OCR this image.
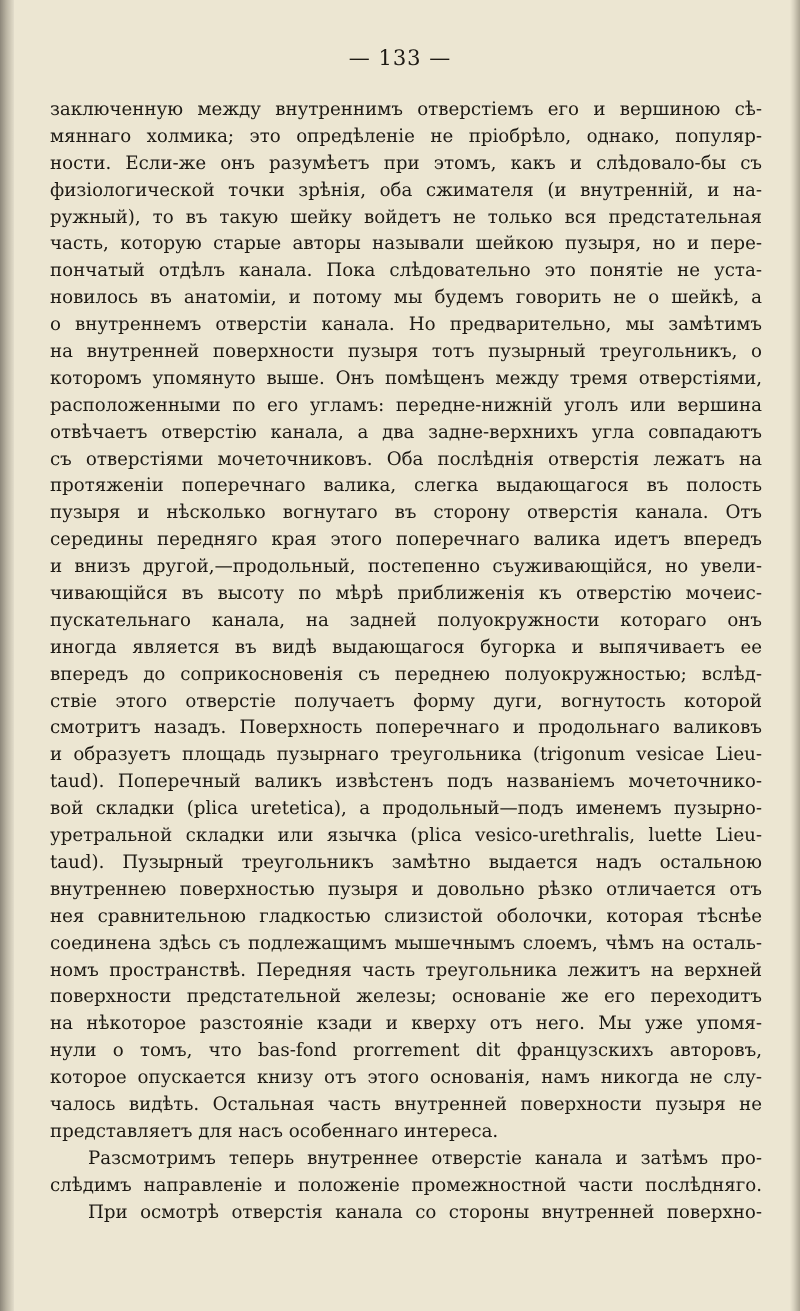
— 133 —
заключенную между внутреннимъ отверстіемъ его и вершиною сѣ-
мяннаго холмика; это опредѣленіе не пріобрѣло, однако, популяр-
ности. Если-же онъ разумѣетъ при этомъ, какъ и слѣдовало-бы съ
физіологической точки зрѣнія, оба сжимателя (и внутренній, и на-
ружный), то въ такую шейку войдетъ не только вся предстательная
часть, которую старые авторы называли шейкою пузыря, но и пере-
пончатый отдѣлъ канала. Пока слѣдовательно это понятіе не уста-
новилось въ анатоміи, и потому мы будемъ говорить не о шейкѣ, а
о внутреннемъ отверстіи канала. Но предварительно, мы замѣтимъ
на внутренней поверхности пузыря тотъ пузырный треугольникъ, о
которомъ упомянуто выше. Онъ помѣщенъ между тремя отверстіями,
расположенными по его угламъ: передне-нижній уголъ или вершина
отвѣчаетъ отверстію канала, а два задне-верхнихъ угла совпадаютъ
съ отверстіями мочеточниковъ. Оба послѣднія отверстія лежатъ на
протяженіи поперечнаго валика, слегка выдающагося въ полость
пузыря и нѣсколько вогнутаго въ сторону отверстія канала. Отъ
середины передняго края этого поперечнаго валика идетъ впередъ
и внизъ другой,—продольный, постепенно съуживающійся, но увели-
чивающійся въ высоту по мѣрѣ приближенія къ отверстію мочеис-
пускательнаго канала, на задней полуокружности котораго онъ
иногда является въ видѣ выдающагося бугорка и выпячиваетъ ее
впередъ до соприкосновенія съ переднею полуокружностью; вслѣд-
ствіе этого отверстіе получаетъ форму дуги, вогнутость которой
смотритъ назадъ. Поверхность поперечнаго и продольнаго валиковъ
и образуетъ площадь пузырнаго треугольника (trigonum vesicae Lieu-
taud). Поперечный валикъ извѣстенъ подъ названіемъ мочеточнико-
вой складки (plica uretetica), а продольный—подъ именемъ пузырно-
уретральной складки или язычка (plica vesico-urethralis, luette Lieu-
taud). Пузырный треугольникъ замѣтно выдается надъ остальною
внутреннею поверхностью пузыря и довольно рѣзко отличается отъ
нея сравнительною гладкостью слизистой оболочки, которая тѣснѣе
соединена здѣсь съ подлежащимъ мышечнымъ слоемъ, чѣмъ на осталь-
номъ пространствѣ. Передняя часть треугольника лежитъ на верхней
поверхности предстательной железы; основаніе же его переходитъ
на нѣкоторое разстояніе кзади и кверху отъ него. Мы уже упомя-
нули о томъ, что bas-fond prorrement dit французскихъ авторовъ,
которое опускается книзу отъ этого основанія, намъ никогда не слу-
чалось видѣть. Остальная часть внутренней поверхности пузыря не
представляетъ для насъ особеннаго интереса.
Разсмотримъ теперь внутреннее отверстіе канала и затѣмъ про-
слѣдимъ направленіе и положеніе промежностной части послѣдняго.
При осмотрѣ отверстія канала со стороны внутренней поверхно-
